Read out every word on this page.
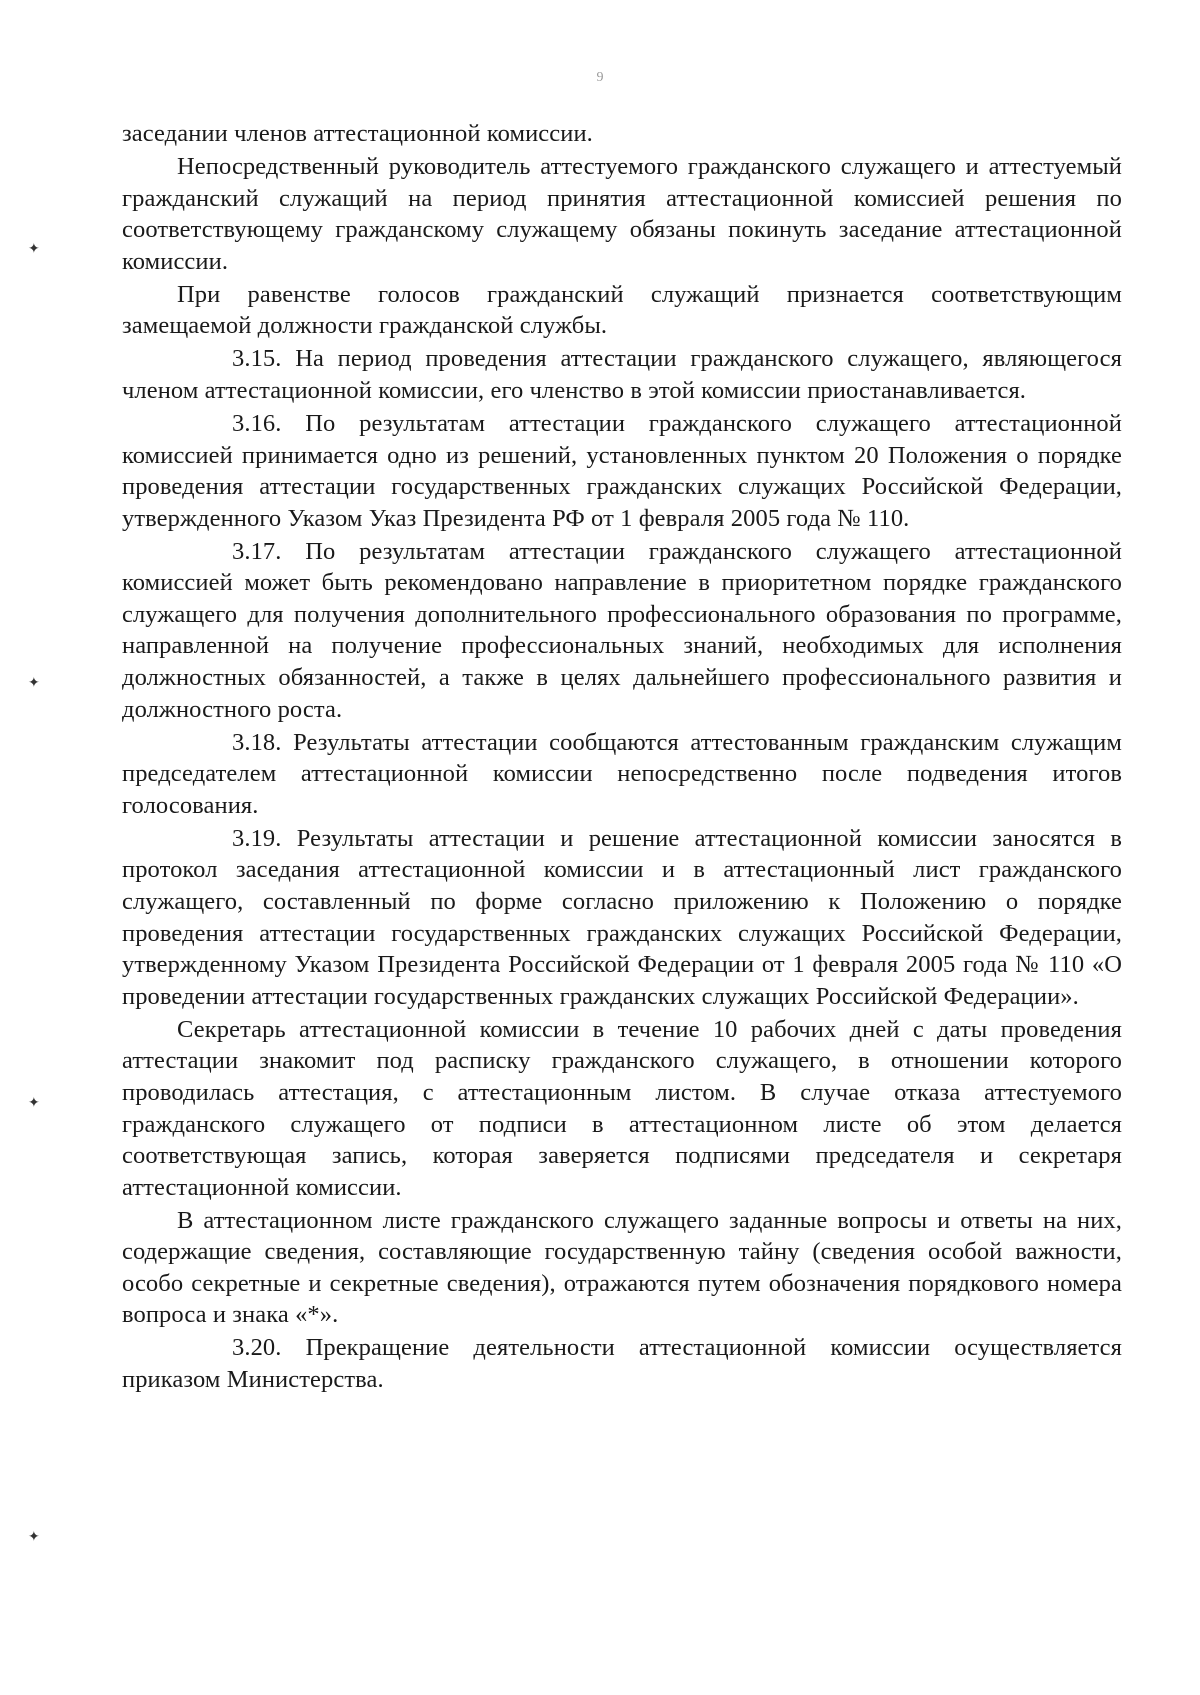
9
✦
✦
✦
✦

заседании членов аттестационной комиссии.

Непосредственный руководитель аттестуемого гражданского служащего и аттестуемый гражданский служащий на период принятия аттестационной комиссией решения по соответствующему гражданскому служащему обязаны покинуть заседание аттестационной комиссии.

При равенстве голосов гражданский служащий признается соответствующим замещаемой должности гражданской службы.

3.15. На период проведения аттестации гражданского служащего, являющегося членом аттестационной комиссии, его членство в этой комиссии приостанавливается.

3.16. По результатам аттестации гражданского служащего аттестационной комиссией принимается одно из решений, установленных пунктом 20 Положения о порядке проведения аттестации государственных гражданских служащих Российской Федерации, утвержденного Указом Указ Президента РФ от 1 февраля 2005 года № 110.

3.17. По результатам аттестации гражданского служащего аттестационной комиссией может быть рекомендовано направление в приоритетном порядке гражданского служащего для получения дополнительного профессионального образования по программе, направленной на получение профессиональных знаний, необходимых для исполнения должностных обязанностей, а также в целях дальнейшего профессионального развития и должностного роста.

3.18. Результаты аттестации сообщаются аттестованным гражданским служащим председателем аттестационной комиссии непосредственно после подведения итогов голосования.

3.19. Результаты аттестации и решение аттестационной комиссии заносятся в протокол заседания аттестационной комиссии и в аттестационный лист гражданского служащего, составленный по форме согласно приложению к Положению о порядке проведения аттестации государственных гражданских служащих Российской Федерации, утвержденному Указом Президента Российской Федерации от 1 февраля 2005 года № 110 «О проведении аттестации государственных гражданских служащих Российской Федерации».

Секретарь аттестационной комиссии в течение 10 рабочих дней с даты проведения аттестации знакомит под расписку гражданского служащего, в отношении которого проводилась аттестация, с аттестационным листом. В случае отказа аттестуемого гражданского служащего от подписи в аттестационном листе об этом делается соответствующая запись, которая заверяется подписями председателя и секретаря аттестационной комиссии.

В аттестационном листе гражданского служащего заданные вопросы и ответы на них, содержащие сведения, составляющие государственную тайну (сведения особой важности, особо секретные и секретные сведения), отражаются путем обозначения порядкового номера вопроса и знака «*».

3.20. Прекращение деятельности аттестационной комиссии осуществляется приказом Министерства.
